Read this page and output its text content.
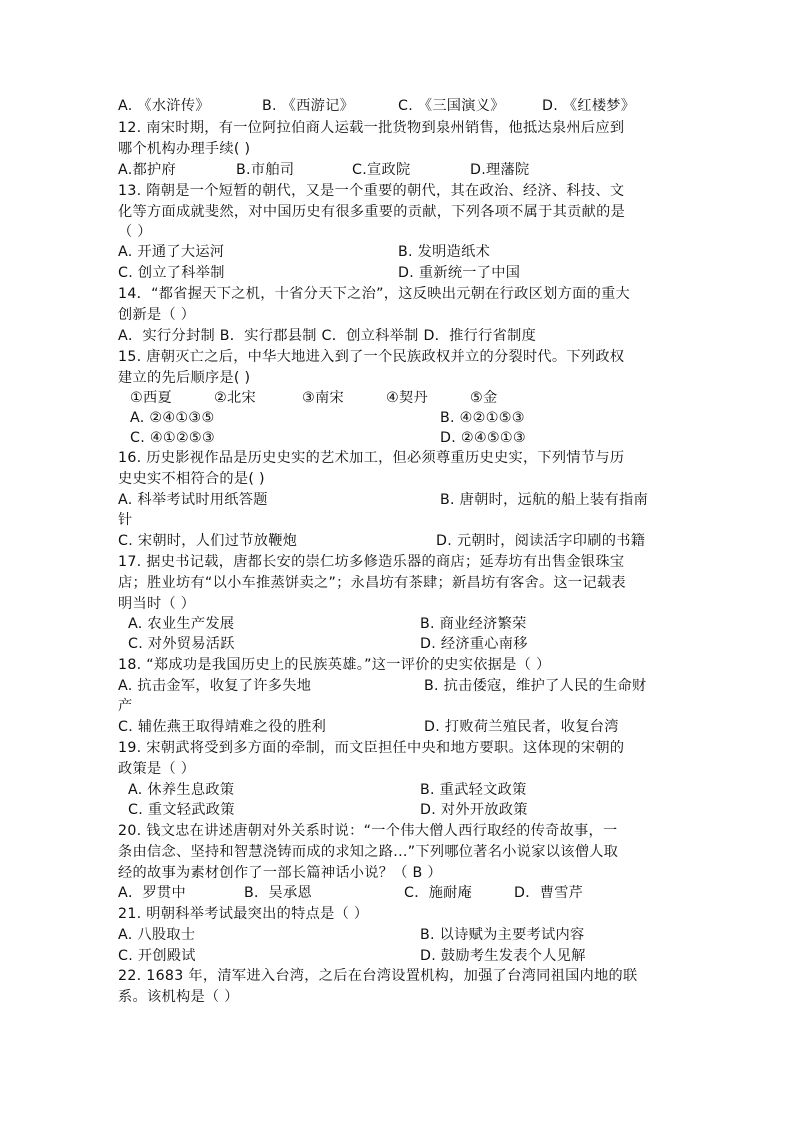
A. 《水浒传》	B. 《西游记》	C. 《三国演义》	D. 《红楼梦》
12. 南宋时期，有一位阿拉伯商人运载一批货物到泉州销售，他抵达泉州后应到
哪个机构办理手续( )
A.都护府	B.市舶司	C.宣政院	D.理藩院
13. 隋朝是一个短暂的朝代，又是一个重要的朝代，其在政治、经济、科技、文
化等方面成就斐然，对中国历史有很多重要的贡献，下列各项不属于其贡献的是
（ ）
A. 开通了大运河	B. 发明造纸术
C. 创立了科举制	D. 重新统一了中国
14．“都省握天下之机，十省分天下之治”，这反映出元朝在行政区划方面的重大
创新是（ ）
A．实行分封制 B．实行郡县制 C．创立科举制 D．推行行省制度
15. 唐朝灭亡之后，中华大地进入到了一个民族政权并立的分裂时代。下列政权
建立的先后顺序是( )
①西夏	②北宋	③南宋	④契丹	⑤金
A. ②④①③⑤	B. ④②①⑤③
C. ④①②⑤③	D. ②④⑤①③
16. 历史影视作品是历史史实的艺术加工，但必须尊重历史史实，下列情节与历
史史实不相符合的是( )
A. 科举考试时用纸答题	B. 唐朝时，远航的船上装有指南
针
C. 宋朝时，人们过节放鞭炮	D. 元朝时，阅读活字印刷的书籍
17. 据史书记载，唐都长安的崇仁坊多修造乐器的商店；延寿坊有出售金银珠宝
店；胜业坊有“以小车推蒸饼卖之”；永昌坊有茶肆；新昌坊有客舍。这一记载表
明当时（ ）
A. 农业生产发展	B. 商业经济繁荣
C. 对外贸易活跃	D. 经济重心南移
18. “郑成功是我国历史上的民族英雄。”这一评价的史实依据是（ ）
A. 抗击金军，收复了许多失地	B. 抗击倭寇，维护了人民的生命财
产
C. 辅佐燕王取得靖难之役的胜利	D. 打败荷兰殖民者，收复台湾
19. 宋朝武将受到多方面的牵制，而文臣担任中央和地方要职。这体现的宋朝的
政策是（ ）
A. 休养生息政策	B. 重武轻文政策
C. 重文轻武政策	D. 对外开放政策
20. 钱文忠在讲述唐朝对外关系时说：“一个伟大僧人西行取经的传奇故事，一
条由信念、坚持和智慧浇铸而成的求知之路...”下列哪位著名小说家以该僧人取
经的故事为素材创作了一部长篇神话小说？（ B ）
A．罗贯中	B．吴承恩	C．施耐庵	D．曹雪芹
21. 明朝科举考试最突出的特点是（ ）
A. 八股取士	B. 以诗赋为主要考试内容
C. 开创殿试	D. 鼓励考生发表个人见解
22. 1683 年，清军进入台湾，之后在台湾设置机构，加强了台湾同祖国内地的联
系。该机构是（ ）
